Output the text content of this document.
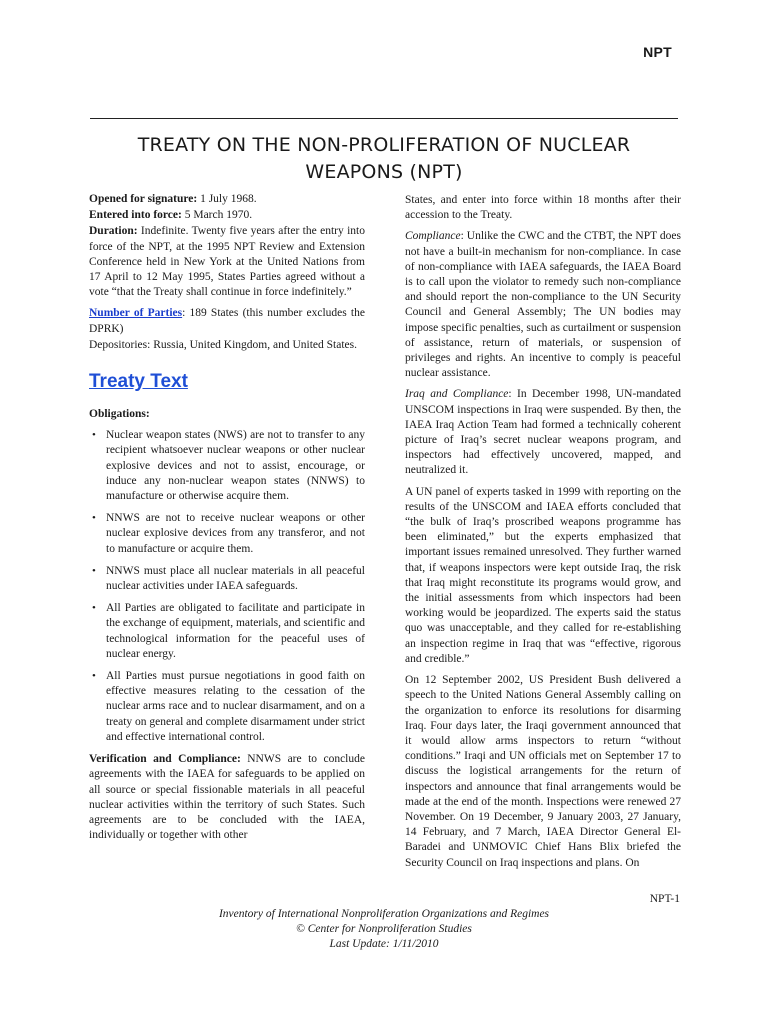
NPT
TREATY ON THE NON-PROLIFERATION OF NUCLEAR
WEAPONS (NPT)

Opened for signature: 1 July 1968.

Entered into force: 5 March 1970.

Duration: Indefinite. Twenty five years after the entry into force of the NPT, at the 1995 NPT Review and Extension Conference held in New York at the United Nations from 17 April to 12 May 1995, States Parties agreed without a vote “that the Treaty shall continue in force indefinitely.”

Number of Parties: 189 States (this number excludes the DPRK)

Depositories: Russia, United Kingdom, and United States.

Treaty Text
Obligations:
• Nuclear weapon states (NWS) are not to transfer to any recipient whatsoever nuclear weapons or other nuclear explosive devices and not to assist, encourage, or induce any non-nuclear weapon states (NNWS) to manufacture or otherwise acquire them.
• NNWS are not to receive nuclear weapons or other nuclear explosive devices from any transferor, and not to manufacture or acquire them.
• NNWS must place all nuclear materials in all peaceful nuclear activities under IAEA safeguards.
• All Parties are obligated to facilitate and participate in the exchange of equipment, materials, and scientific and technological information for the peaceful uses of nuclear energy.
• All Parties must pursue negotiations in good faith on effective measures relating to the cessation of the nuclear arms race and to nuclear disarmament, and on a treaty on general and complete disarmament under strict and effective international control.

Verification and Compliance: NNWS are to conclude agreements with the IAEA for safeguards to be applied on all source or special fissionable materials in all peaceful nuclear activities within the territory of such States. Such agreements are to be concluded with the IAEA, individually or together with other

States, and enter into force within 18 months after their accession to the Treaty.

Compliance: Unlike the CWC and the CTBT, the NPT does not have a built-in mechanism for non-compliance. In case of non-compliance with IAEA safeguards, the IAEA Board is to call upon the violator to remedy such non-compliance and should report the non-compliance to the UN Security Council and General Assembly; The UN bodies may impose specific penalties, such as curtailment or suspension of assistance, return of materials, or suspension of privileges and rights. An incentive to comply is peaceful nuclear assistance.

Iraq and Compliance: In December 1998, UN-mandated UNSCOM inspections in Iraq were suspended. By then, the IAEA Iraq Action Team had formed a technically coherent picture of Iraq’s secret nuclear weapons program, and inspectors had effectively uncovered, mapped, and neutralized it.

A UN panel of experts tasked in 1999 with reporting on the results of the UNSCOM and IAEA efforts concluded that “the bulk of Iraq’s proscribed weapons programme has been eliminated,” but the experts emphasized that important issues remained unresolved. They further warned that, if weapons inspectors were kept outside Iraq, the risk that Iraq might reconstitute its programs would grow, and the initial assessments from which inspectors had been working would be jeopardized. The experts said the status quo was unacceptable, and they called for re-establishing an inspection regime in Iraq that was “effective, rigorous and credible.”

On 12 September 2002, US President Bush delivered a speech to the United Nations General Assembly calling on the organization to enforce its resolutions for disarming Iraq. Four days later, the Iraqi government announced that it would allow arms inspectors to return “without conditions.” Iraqi and UN officials met on September 17 to discuss the logistical arrangements for the return of inspectors and announce that final arrangements would be made at the end of the month. Inspections were renewed 27 November. On 19 December, 9 January 2003, 27 January, 14 February, and 7 March, IAEA Director General El-Baradei and UNMOVIC Chief Hans Blix briefed the Security Council on Iraq inspections and plans. On

NPT-1
Inventory of International Nonproliferation Organizations and Regimes
© Center for Nonproliferation Studies
Last Update: 1/11/2010
